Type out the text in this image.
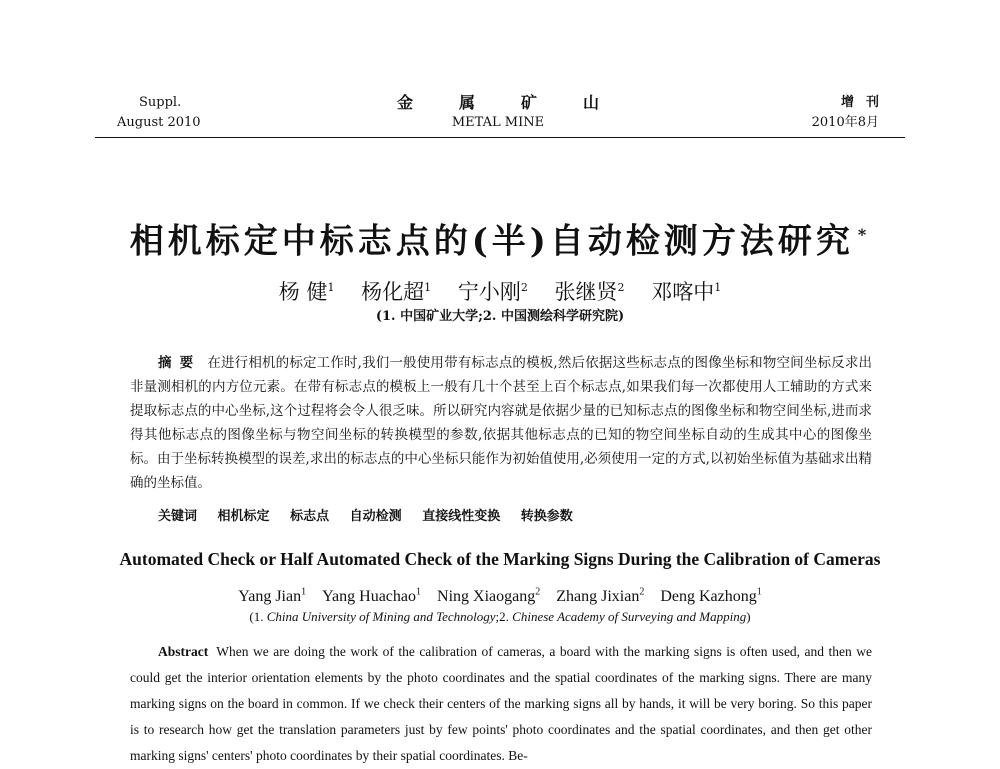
Suppl.
August 2010
金属矿山
METAL MINE
增刊
2010年8月
相机标定中标志点的(半)自动检测方法研究 *
杨 健$^1$ 杨化超$^1$ 宁小刚$^2$ 张继贤$^2$ 邓喀中$^1$
(1. 中国矿业大学;2. 中国测绘科学研究院)
摘要 在进行相机的标定工作时,我们一般使用带有标志点的模板,然后依据这些标志点的图像坐标和物空间坐标反求出非量测相机的内方位元素。在带有标志点的模板上一般有几十个甚至上百个标志点,如果我们每一次都使用人工辅助的方式来提取标志点的中心坐标,这个过程将会令人很乏味。所以研究内容就是依据少量的已知标志点的图像坐标和物空间坐标,进而求得其他标志点的图像坐标与物空间坐标的转换模型的参数,依据其他标志点的已知的物空间坐标自动的生成其中心的图像坐标。由于坐标转换模型的误差,求出的标志点的中心坐标只能作为初始值使用,必须使用一定的方式,以初始坐标值为基础求出精确的坐标值。
关键词 相机标定 标志点 自动检测 直接线性变换 转换参数
Automated Check or Half Automated Check of the Marking Signs During the Calibration of Cameras
Yang Jian$^1$ Yang Huachao$^1$ Ning Xiaogang$^2$ Zhang Jixian$^2$ Deng Kazhong$^1$
(1. China University of Mining and Technology;2. Chinese Academy of Surveying and Mapping)
Abstract When we are doing the work of the calibration of cameras, a board with the marking signs is often used, and then we could get the interior orientation elements by the photo coordinates and the spatial coordinates of the marking signs. There are many marking signs on the board in common. If we check their centers of the marking signs all by hands, it will be very boring. So this paper is to research how get the translation parameters just by few points' photo coordinates and the spatial coordinates, and then get other marking signs' centers' photo coordinates by their spatial coordinates. Be-
